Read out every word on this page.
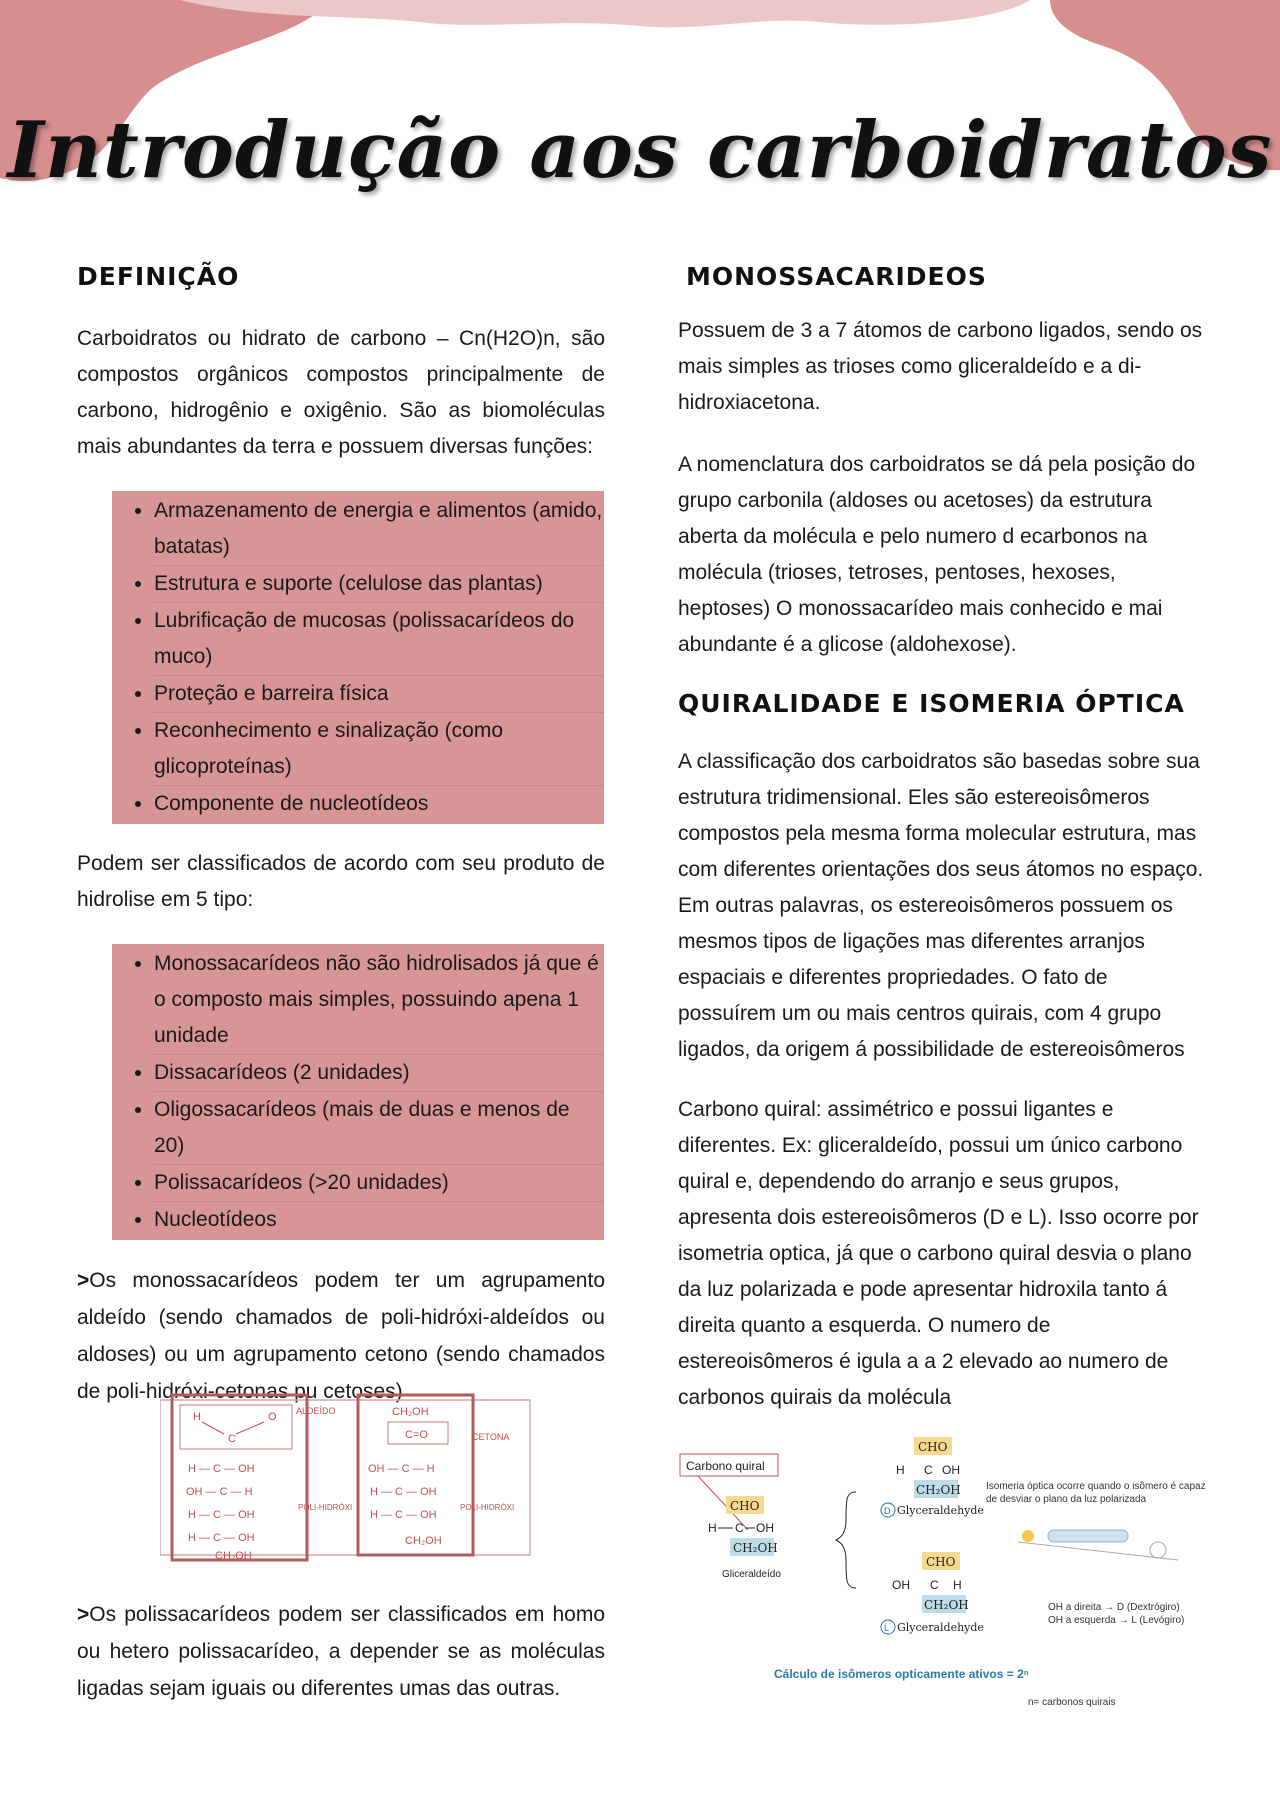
Introdução aos carboidratos
DEFINIÇÃO

Carboidratos ou hidrato de carbono – Cn(H2O)n, são compostos orgânicos compostos principalmente de carbono, hidrogênio e oxigênio. São as biomoléculas mais abundantes da terra e possuem diversas funções:

• Armazenamento de energia e alimentos (amido, batatas)
• Estrutura e suporte (celulose das plantas)
• Lubrificação de mucosas (polissacarídeos do muco)
• Proteção e barreira física
• Reconhecimento e sinalização (como glicoproteínas)
• Componente de nucleotídeos

Podem ser classificados de acordo com seu produto de hidrolise em 5 tipo:

• Monossacarídeos não são hidrolisados já que é o composto mais simples, possuindo apena 1 unidade
• Dissacarídeos (2 unidades)
• Oligossacarídeos (mais de duas e menos de 20)
• Polissacarídeos (>20 unidades)
• Nucleotídeos

>Os monossacarídeos podem ter um agrupamento aldeído (sendo chamados de poli-hidróxi-aldeídos ou aldoses) ou um agrupamento cetono (sendo chamados de poli-hidróxi-cetonas pu cetoses)

H	O
C
H — C — OH
OH — C — H
H — C — OH
H — C — OH
CH₂OH
ALDEÍDO
POLI-HIDRÓXI
CH₂OH
C=O
OH — C — H
H — C — OH
H — C — OH
CH₂OH
CETONA
POLI-HIDRÓXI

>Os polissacarídeos podem ser classificados em homo ou hetero polissacarídeo, a depender se as moléculas ligadas sejam iguais ou diferentes umas das outras.

MONOSSACARIDEOS

Possuem de 3 a 7 átomos de carbono ligados, sendo os mais simples as trioses como gliceraldeído e a di-hidroxiacetona.

A nomenclatura dos carboidratos se dá pela posição do grupo carbonila (aldoses ou acetoses) da estrutura aberta da molécula e pelo numero d ecarbonos na molécula (trioses, tetroses, pentoses, hexoses, heptoses) O monossacarídeo mais conhecido e mai abundante é a glicose (aldohexose).

QUIRALIDADE E ISOMERIA ÓPTICA

A classificação dos carboidratos são basedas sobre sua estrutura tridimensional. Eles são estereoisômeros compostos pela mesma forma molecular estrutura, mas com diferentes orientações dos seus átomos no espaço. Em outras palavras, os estereoisômeros possuem os mesmos tipos de ligações mas diferentes arranjos espaciais e diferentes propriedades. O fato de possuírem um ou mais centros quirais, com 4 grupo ligados, da origem á possibilidade de estereoisômeros

Carbono quiral: assimétrico e possui ligantes e diferentes. Ex: gliceraldeído, possui um único carbono quiral e, dependendo do arranjo e seus grupos, apresenta dois estereoisômeros (D e L). Isso ocorre por isometria optica, já que o carbono quiral desvia o plano da luz polarizada e pode apresentar hidroxila tanto á direita quanto a esquerda. O numero de estereoisômeros é igula a a 2 elevado ao numero de carbonos quirais da molécula

Carbono quiral
CHO
H C OH
CH₂OH
Gliceraldeído
CHO
H C OH
CH₂OH
D Glyceraldehyde
CHO
OH C H
CH₂OH
L Glyceraldehyde
Isomeria óptica ocorre quando o isômero é capaz de desviar o plano da luz polarizada
OH a direita → D (Dextrógiro)
OH a esquerda → L (Levógiro)
Cálculo de isômeros opticamente ativos = 2ⁿ
n= carbonos quirais
